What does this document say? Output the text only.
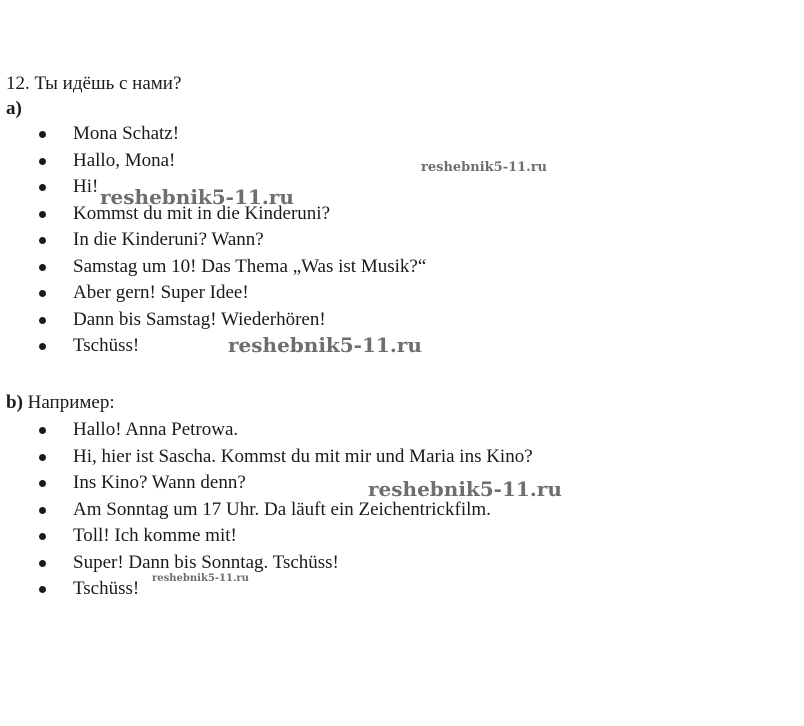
12. Ты идёшь с нами?
a)
Mona Schatz!
Hallo, Mona!
Hi!
Kommst du mit in die Kinderuni?
In die Kinderuni? Wann?
Samstag um 10! Das Thema „Was ist Musik?“
Aber gern! Super Idee!
Dann bis Samstag! Wiederhören!
Tschüss!
b) Например:
Hallo! Anna Petrowa.
Hi, hier ist Sascha. Kommst du mit mir und Maria ins Kino?
Ins Kino? Wann denn?
Am Sonntag um 17 Uhr. Da läuft ein Zeichentrickfilm.
Toll! Ich komme mit!
Super! Dann bis Sonntag. Tschüss!
Tschüss!
reshebnik5-11.ru
reshebnik5-11.ru
reshebnik5-11.ru
reshebnik5-11.ru
reshebnik5-11.ru
